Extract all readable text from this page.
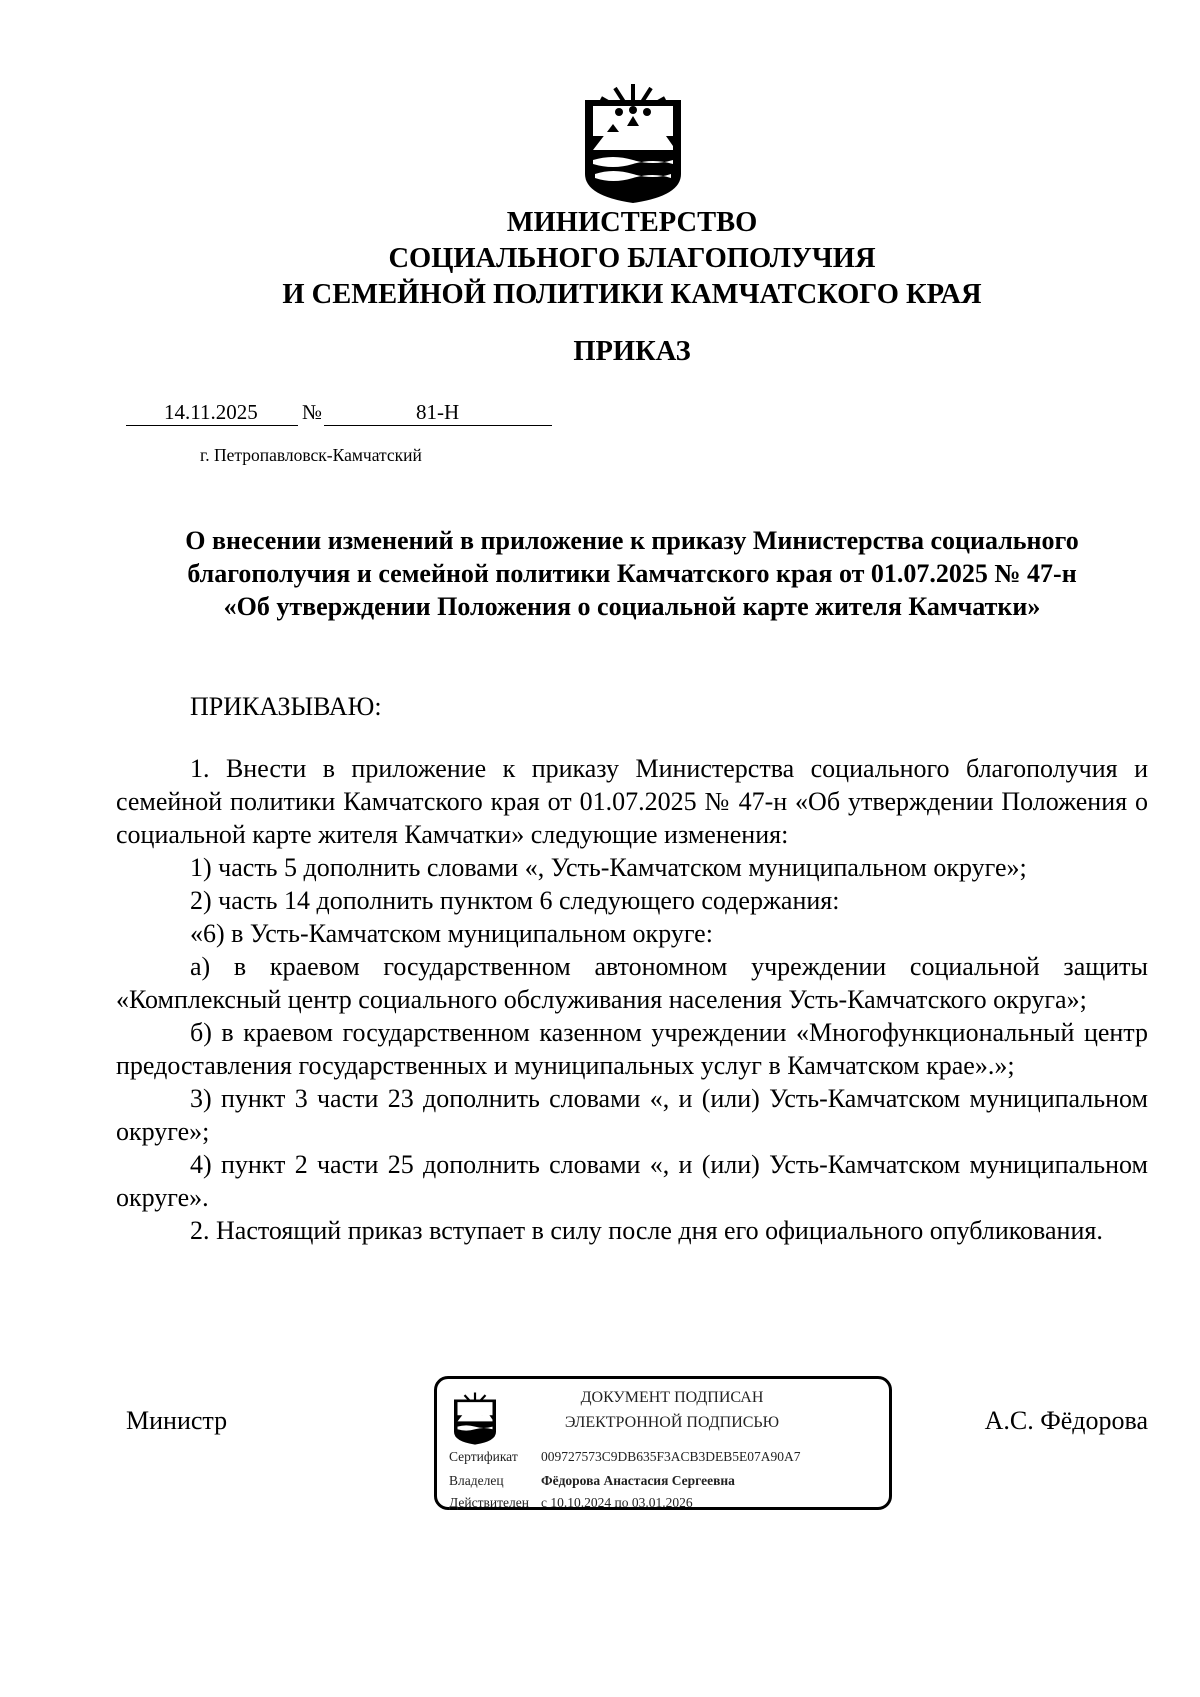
МИНИСТЕРСТВО
СОЦИАЛЬНОГО БЛАГОПОЛУЧИЯ
И СЕМЕЙНОЙ ПОЛИТИКИ КАМЧАТСКОГО КРАЯ
ПРИКАЗ
14.11.2025 №	81-Н
г. Петропавловск-Камчатский
О внесении изменений в приложение к приказу Министерства социального
благополучия и семейной политики Камчатского края от 01.07.2025 № 47-н
«Об утверждении Положения о социальной карте жителя Камчатки»
ПРИКАЗЫВАЮ:

1. Внести в приложение к приказу Министерства социального благополучия и семейной политики Камчатского края от 01.07.2025 № 47-н «Об утверждении Положения о социальной карте жителя Камчатки» следующие изменения:

1) часть 5 дополнить словами «, Усть-Камчатском муниципальном округе»;

2) часть 14 дополнить пунктом 6 следующего содержания:

«6) в Усть-Камчатском муниципальном округе:

а) в краевом государственном автономном учреждении социальной защиты «Комплексный центр социального обслуживания населения Усть-Камчатского округа»;

б) в краевом государственном казенном учреждении «Многофункциональный центр предоставления государственных и муниципальных услуг в Камчатском крае».»;

3) пункт 3 части 23 дополнить словами «, и (или) Усть-Камчатском муниципальном округе»;

4) пункт 2 части 25 дополнить словами «, и (или) Усть-Камчатском муниципальном округе».

2. Настоящий приказ вступает в силу после дня его официального опубликования.

Министр
ДОКУМЕНТ ПОДПИСАН
ЭЛЕКТРОННОЙ ПОДПИСЬЮ
Сертификат 009727573C9DB635F3ACB3DEB5E07A90A7
Владелец	Фёдорова Анастасия Сергеевна
Действителен с 10.10.2024 по 03.01.2026
А.С. Фёдорова
